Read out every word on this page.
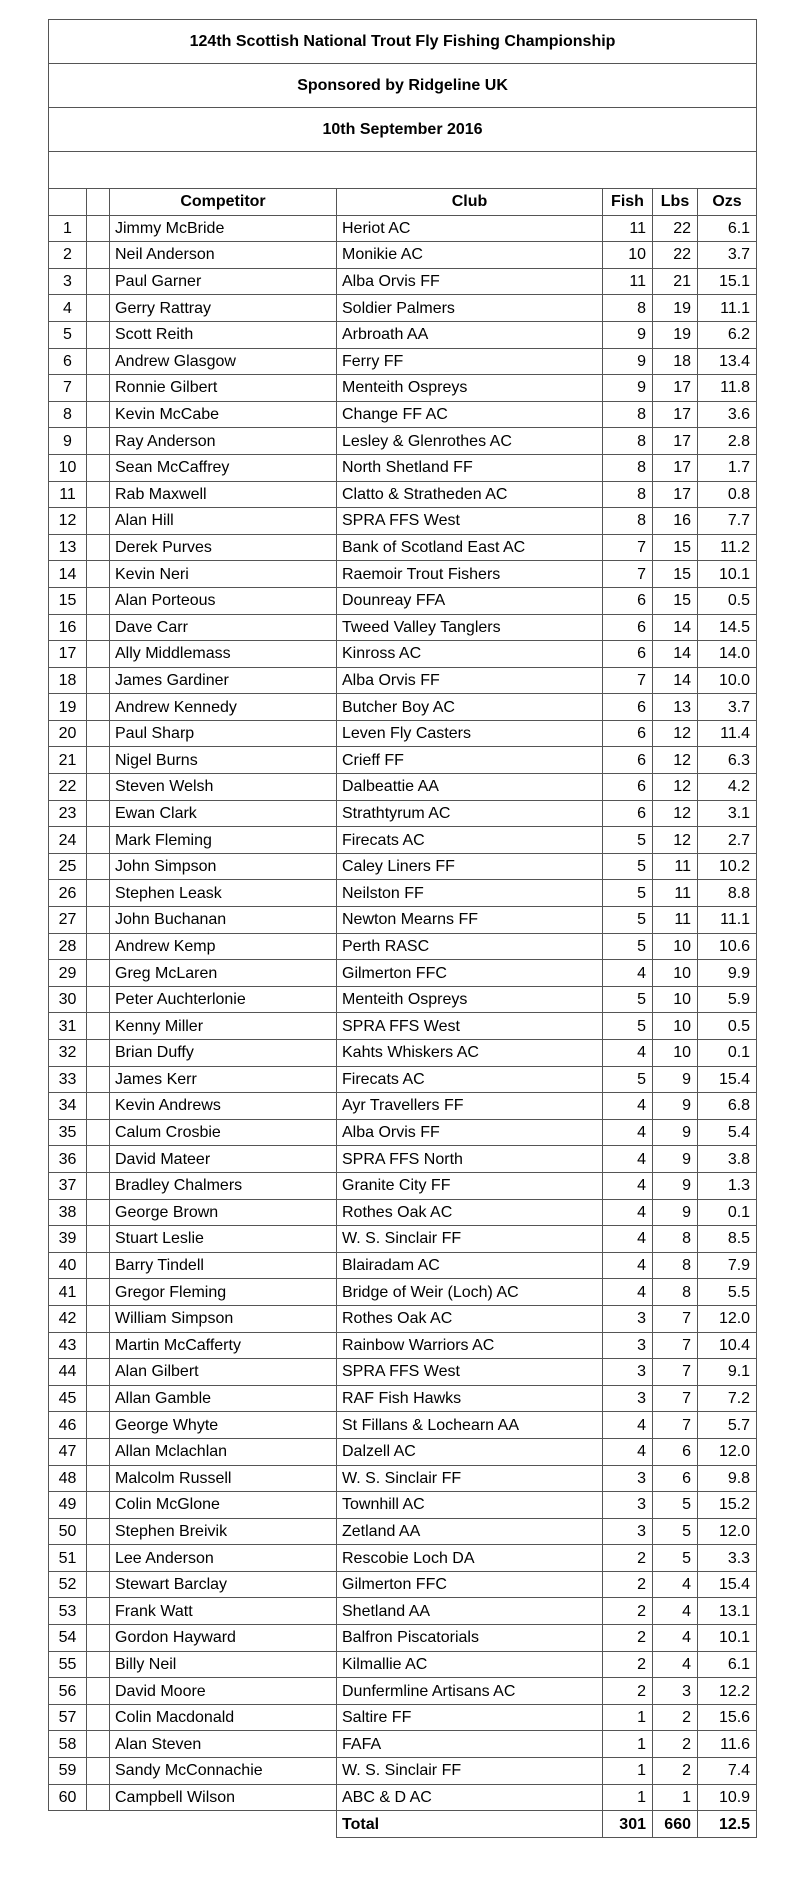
124th Scottish National Trout Fly Fishing Championship						
Sponsored by Ridgeline UK						
10th September 2016						

		Competitor	Club	Fish	Lbs	Ozs
1		Jimmy McBride	Heriot AC	11	22	6.1
2		Neil Anderson	Monikie AC	10	22	3.7
3		Paul Garner	Alba Orvis FF	11	21	15.1
4		Gerry Rattray	Soldier Palmers	8	19	11.1
5		Scott Reith	Arbroath AA	9	19	6.2
6		Andrew Glasgow	Ferry FF	9	18	13.4
7		Ronnie Gilbert	Menteith Ospreys	9	17	11.8
8		Kevin McCabe	Change FF AC	8	17	3.6
9		Ray Anderson	Lesley & Glenrothes AC	8	17	2.8
10		Sean McCaffrey	North Shetland FF	8	17	1.7
11		Rab Maxwell	Clatto & Stratheden AC	8	17	0.8
12		Alan Hill	SPRA FFS West	8	16	7.7
13		Derek Purves	Bank of Scotland East AC	7	15	11.2
14		Kevin Neri	Raemoir Trout Fishers	7	15	10.1
15		Alan Porteous	Dounreay FFA	6	15	0.5
16		Dave Carr	Tweed Valley Tanglers	6	14	14.5
17		Ally Middlemass	Kinross AC	6	14	14.0
18		James Gardiner	Alba Orvis FF	7	14	10.0
19		Andrew Kennedy	Butcher Boy AC	6	13	3.7
20		Paul Sharp	Leven Fly Casters	6	12	11.4
21		Nigel Burns	Crieff FF	6	12	6.3
22		Steven Welsh	Dalbeattie AA	6	12	4.2
23		Ewan Clark	Strathtyrum AC	6	12	3.1
24		Mark Fleming	Firecats AC	5	12	2.7
25		John Simpson	Caley Liners FF	5	11	10.2
26		Stephen Leask	Neilston FF	5	11	8.8
27		John Buchanan	Newton Mearns FF	5	11	11.1
28		Andrew Kemp	Perth RASC	5	10	10.6
29		Greg McLaren	Gilmerton FFC	4	10	9.9
30		Peter Auchterlonie	Menteith Ospreys	5	10	5.9
31		Kenny Miller	SPRA FFS West	5	10	0.5
32		Brian Duffy	Kahts Whiskers AC	4	10	0.1
33		James Kerr	Firecats AC	5	9	15.4
34		Kevin Andrews	Ayr Travellers FF	4	9	6.8
35		Calum Crosbie	Alba Orvis FF	4	9	5.4
36		David Mateer	SPRA FFS North	4	9	3.8
37		Bradley Chalmers	Granite City FF	4	9	1.3
38		George Brown	Rothes Oak AC	4	9	0.1
39		Stuart Leslie	W. S. Sinclair FF	4	8	8.5
40		Barry Tindell	Blairadam AC	4	8	7.9
41		Gregor Fleming	Bridge of Weir (Loch) AC	4	8	5.5
42		William Simpson	Rothes Oak AC	3	7	12.0
43		Martin McCafferty	Rainbow Warriors AC	3	7	10.4
44		Alan Gilbert	SPRA FFS West	3	7	9.1
45		Allan Gamble	RAF Fish Hawks	3	7	7.2
46		George Whyte	St Fillans & Lochearn AA	4	7	5.7
47		Allan Mclachlan	Dalzell AC	4	6	12.0
48		Malcolm Russell	W. S. Sinclair FF	3	6	9.8
49		Colin McGlone	Townhill AC	3	5	15.2
50		Stephen Breivik	Zetland AA	3	5	12.0
51		Lee Anderson	Rescobie Loch DA	2	5	3.3
52		Stewart Barclay	Gilmerton FFC	2	4	15.4
53		Frank Watt	Shetland AA	2	4	13.1
54		Gordon Hayward	Balfron Piscatorials	2	4	10.1
55		Billy Neil	Kilmallie AC	2	4	6.1
56		David Moore	Dunfermline Artisans AC	2	3	12.2
57		Colin Macdonald	Saltire FF	1	2	15.6
58		Alan Steven	FAFA	1	2	11.6
59		Sandy McConnachie	W. S. Sinclair FF	1	2	7.4
60		Campbell Wilson	ABC & D AC	1	1	10.9
			Total	301	660	12.5
